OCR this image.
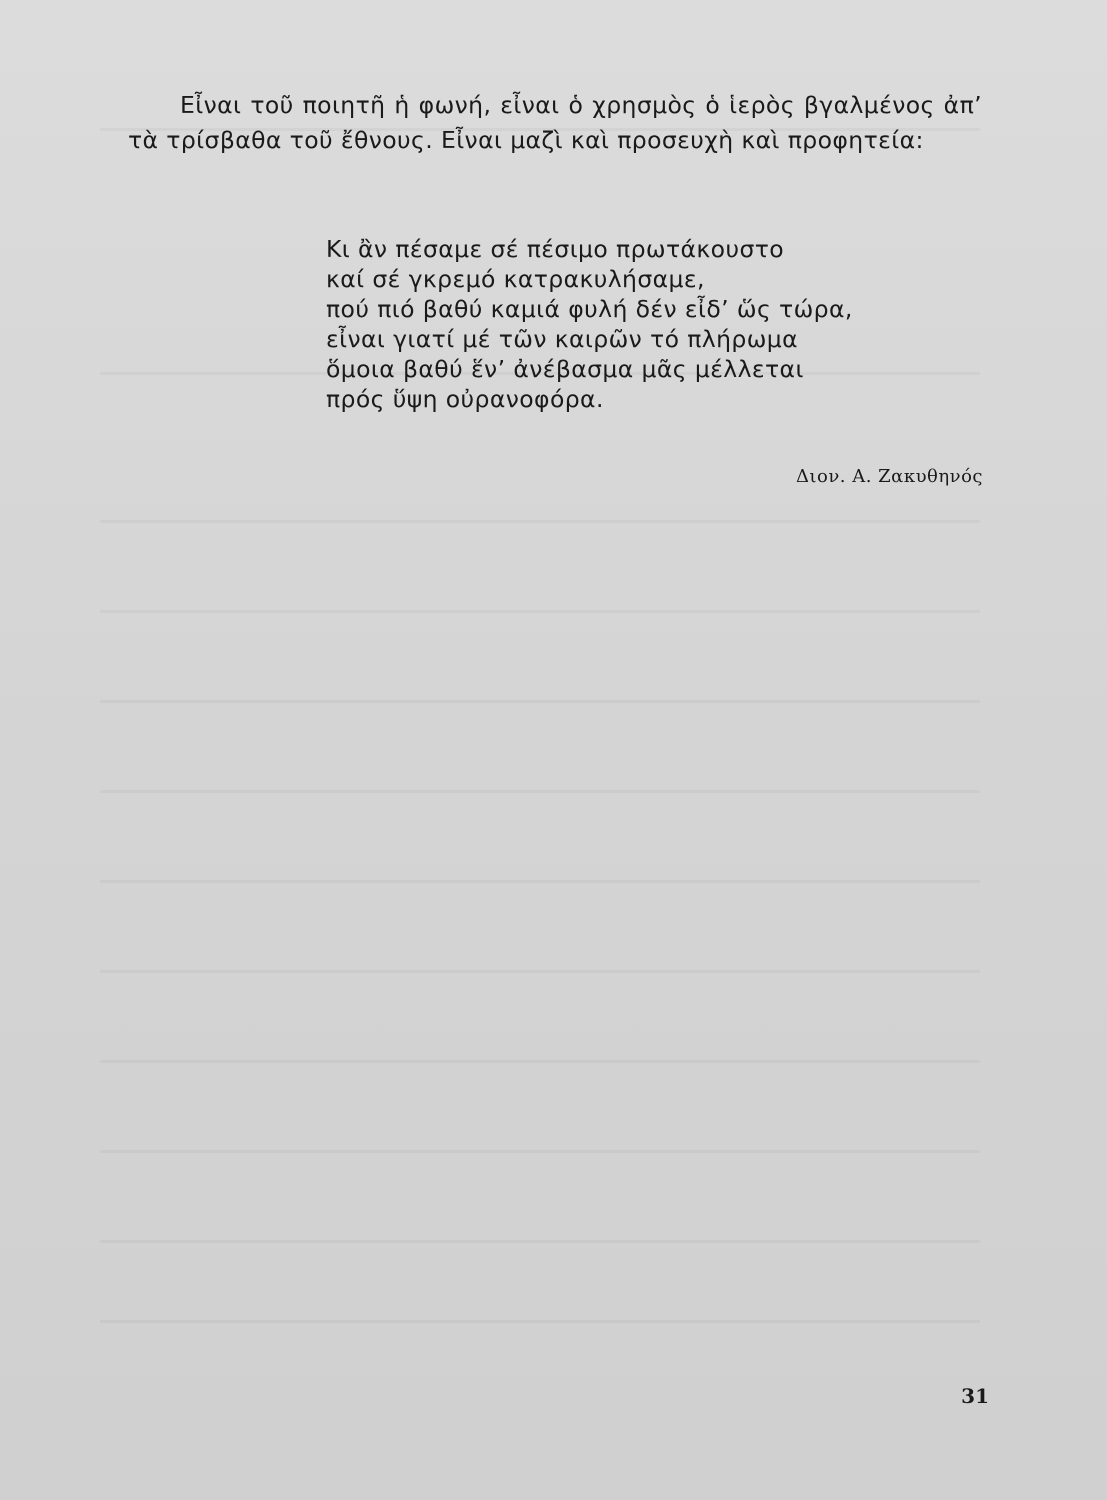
Εἶναι τοῦ ποιητῆ ἡ φωνή, εἶναι ὁ χρησμὸς ὁ ἱερὸς βγαλμένος ἀπ’ τὰ τρίσβαθα τοῦ ἔθνους. Εἶναι μαζὶ καὶ προσευχὴ καὶ προφητεία:

Κι ἂν πέσαμε σέ πέσιμο πρωτάκουστο
καί σέ γκρεμό κατρακυλήσαμε,
πού πιό βαθύ καμιά φυλή δέν εἶδ’ ὥς τώρα,
εἶναι γιατί μέ τῶν καιρῶν τό πλήρωμα
ὅμοια βαθύ ἕν’ ἀνέβασμα μᾶς μέλλεται
πρός ὕψη οὐρανοφόρα.
Διον. Α. Ζακυθηνός
31
